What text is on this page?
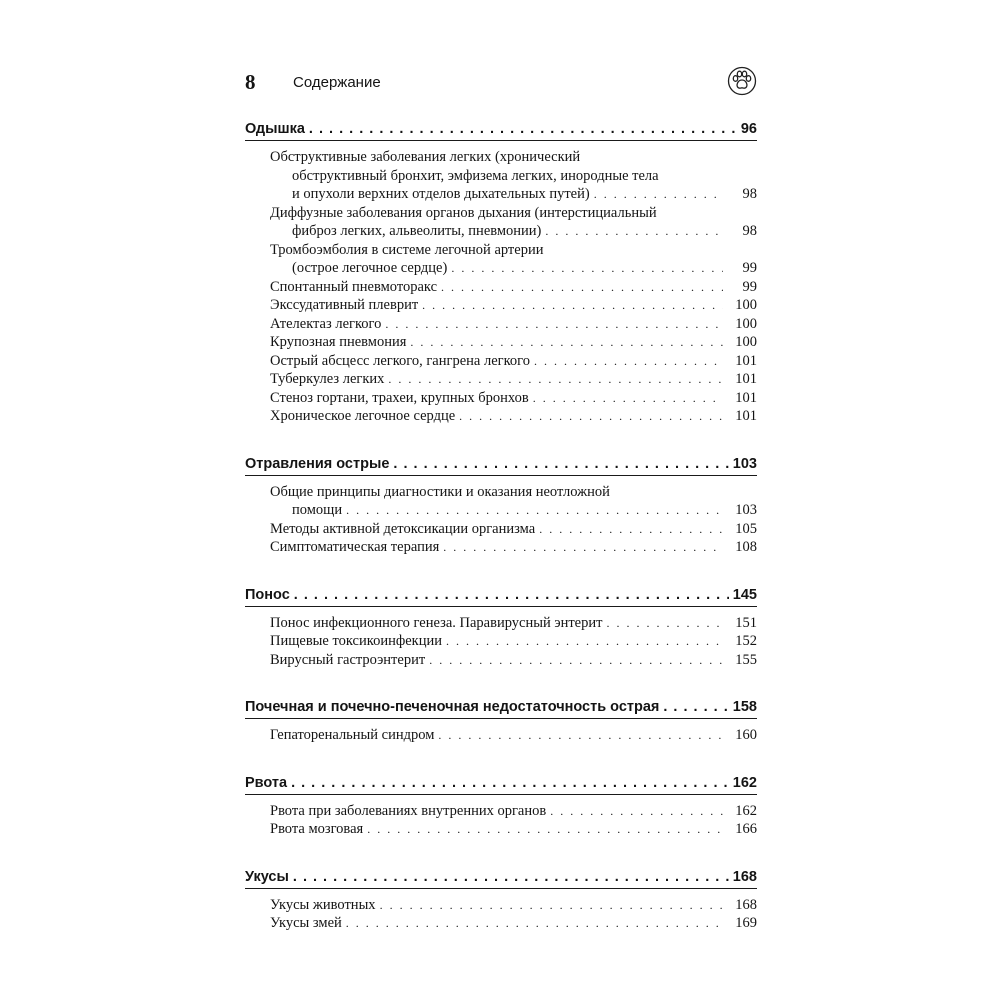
8	Содержание
Одышка . . .	96
Обструктивные заболевания легких (хронический
обструктивный бронхит, эмфизема легких, инородные тела
и опухоли верхних отделов дыхательных путей) . . .	98
Диффузные заболевания органов дыхания (интерстициальный
фиброз легких, альвеолиты, пневмонии) . . .	98
Тромбоэмболия в системе легочной артерии
(острое легочное сердце) . . .	99
Спонтанный пневмоторакс . . .	99
Экссудативный плеврит . . .	100
Ателектаз легкого . . .	100
Крупозная пневмония . . .	100
Острый абсцесс легкого, гангрена легкого . . .	101
Туберкулез легких . . .	101
Стеноз гортани, трахеи, крупных бронхов . . .	101
Хроническое легочное сердце . . .	101
Отравления острые . . .	103
Общие принципы диагностики и оказания неотложной
помощи . . .	103
Методы активной детоксикации организма . . .	105
Симптоматическая терапия . . .	108
Понос . . .	145
Понос инфекционного генеза. Паравирусный энтерит . . .	151
Пищевые токсикоинфекции . . .	152
Вирусный гастроэнтерит . . .	155
Почечная и почечно-печеночная недостаточность острая . . .	158
Гепаторенальный синдром . . .	160
Рвота . . .	162
Рвота при заболеваниях внутренних органов . . .	162
Рвота мозговая . . .	166
Укусы . . .	168
Укусы животных . . .	168
Укусы змей . . .	169
